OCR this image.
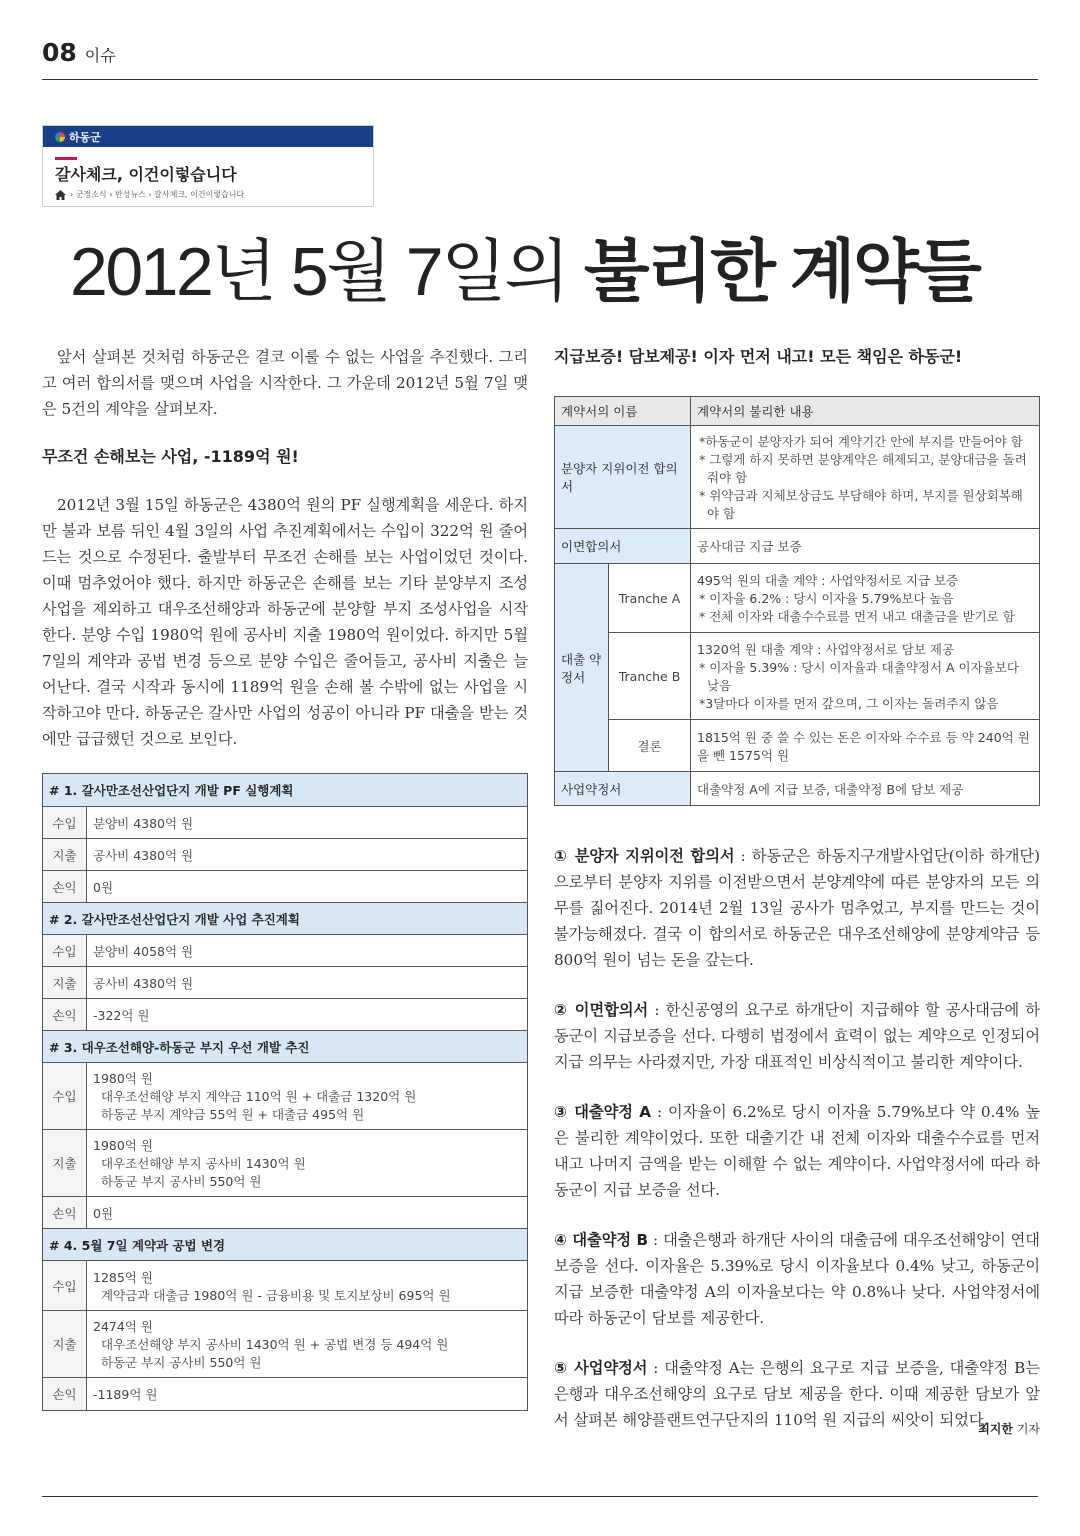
08 이슈
하동군
갈사체크, 이건이렇습니다
› 군정소식 › 반성뉴스 › 갈사체크, 이건이렇습니다
2012년 5월 7일의 불리한 계약들
앞서 살펴본 것처럼 하동군은 결코 이룰 수 없는 사업을 추진했다. 그리고 여러 합의서를 맺으며 사업을 시작한다. 그 가운데 2012년 5월 7일 맺은 5건의 계약을 살펴보자.
무조건 손해보는 사업, -1189억 원!
2012년 3월 15일 하동군은 4380억 원의 PF 실행계획을 세운다. 하지만 불과 보름 뒤인 4월 3일의 사업 추진계획에서는 수입이 322억 원 줄어드는 것으로 수정된다. 출발부터 무조건 손해를 보는 사업이었던 것이다. 이때 멈추었어야 했다. 하지만 하동군은 손해를 보는 기타 분양부지 조성사업을 제외하고 대우조선해양과 하동군에 분양할 부지 조성사업을 시작한다. 분양 수입 1980억 원에 공사비 지출 1980억 원이었다. 하지만 5월 7일의 계약과 공법 변경 등으로 분양 수입은 줄어들고, 공사비 지출은 늘어난다. 결국 시작과 동시에 1189억 원을 손해 볼 수밖에 없는 사업을 시작하고야 만다. 하동군은 갈사만 사업의 성공이 아니라 PF 대출을 받는 것에만 급급했던 것으로 보인다.
# 1. 갈사만조선산업단지 개발 PF 실행계획	
수입	분양비 4380억 원
지출	공사비 4380억 원
손익	0원
# 2. 갈사만조선산업단지 개발 사업 추진계획	
수입	분양비 4058억 원
지출	공사비 4380억 원
손익	-322억 원
# 3. 대우조선해양-하동군 부지 우선 개발 추진	
수입	1980억 원
대우조선해양 부지 계약금 110억 원 + 대출금 1320억 원
하동군 부지 계약금 55억 원 + 대출금 495억 원

지출	1980억 원
대우조선해양 부지 공사비 1430억 원
하동군 부지 공사비 550억 원

손익	0원
# 4. 5월 7일 계약과 공법 변경	
수입	1285억 원
계약금과 대출금 1980억 원 - 금융비용 및 토지보상비 695억 원

지출	2474억 원
대우조선해양 부지 공사비 1430억 원 + 공법 변경 등 494억 원
하동군 부지 공사비 550억 원

손익	-1189억 원
지급보증! 담보제공! 이자 먼저 내고! 모든 책임은 하동군!
계약서의 이름		계약서의 불리한 내용
분양자 지위이전 합의서		*하동군이 분양자가 되어 계약기간 안에 부지를 만들어야 함
* 그렇게 하지 못하면 분양계약은 해제되고, 분양대금을 돌려줘야 함
* 위약금과 지체보상금도 부담해야 하며, 부지를 원상회복해야 함

이면합의서		공사대금 지급 보증
대출 약정서	Tranche A	495억 원의 대출 계약 : 사업약정서로 지급 보증
* 이자율 6.2% : 당시 이자율 5.79%보다 높음
* 전체 이자와 대출수수료를 먼저 내고 대출금을 받기로 함

	Tranche B	1320억 원 대출 계약 : 사업약정서로 담보 제공
* 이자율 5.39% : 당시 이자율과 대출약정서 A 이자율보다 낮음
*3달마다 이자를 먼저 갚으며, 그 이자는 돌려주지 않음

	결론	1815억 원 중 쓸 수 있는 돈은 이자와 수수료 등 약 240억 원을 뺀 1575억 원
사업약정서		대출약정 A에 지급 보증, 대출약정 B에 담보 제공

① 분양자 지위이전 합의서 : 하동군은 하동지구개발사업단(이하 하개단)으로부터 분양자 지위를 이전받으면서 분양계약에 따른 분양자의 모든 의무를 짊어진다. 2014년 2월 13일 공사가 멈추었고, 부지를 만드는 것이 불가능해졌다. 결국 이 합의서로 하동군은 대우조선해양에 분양계약금 등 800억 원이 넘는 돈을 갚는다.

② 이면합의서 : 한신공영의 요구로 하개단이 지급해야 할 공사대금에 하동군이 지급보증을 선다. 다행히 법정에서 효력이 없는 계약으로 인정되어 지급 의무는 사라졌지만, 가장 대표적인 비상식적이고 불리한 계약이다.

③ 대출약정 A : 이자율이 6.2%로 당시 이자율 5.79%보다 약 0.4% 높은 불리한 계약이었다. 또한 대출기간 내 전체 이자와 대출수수료를 먼저 내고 나머지 금액을 받는 이해할 수 없는 계약이다. 사업약정서에 따라 하동군이 지급 보증을 선다.

④ 대출약정 B : 대출은행과 하개단 사이의 대출금에 대우조선해양이 연대 보증을 선다. 이자율은 5.39%로 당시 이자율보다 0.4% 낮고, 하동군이 지급 보증한 대출약정 A의 이자율보다는 약 0.8%나 낮다. 사업약정서에 따라 하동군이 담보를 제공한다.

⑤ 사업약정서 : 대출약정 A는 은행의 요구로 지급 보증을, 대출약정 B는 은행과 대우조선해양의 요구로 담보 제공을 한다. 이때 제공한 담보가 앞서 살펴본 해양플랜트연구단지의 110억 원 지급의 씨앗이 되었다.

최지한 기자
